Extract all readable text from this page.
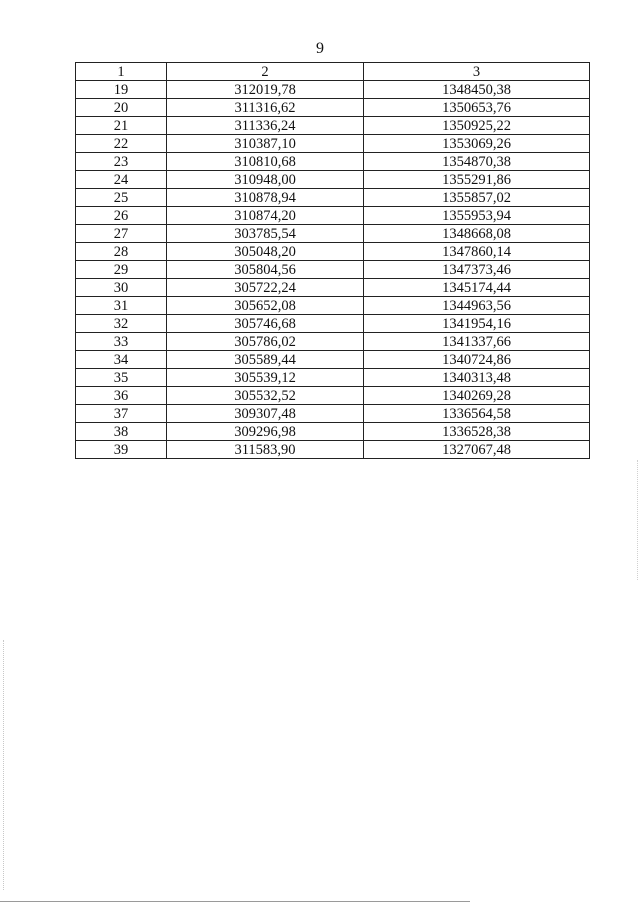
9
1	2	3
19	312019,78	1348450,38
20	311316,62	1350653,76
21	311336,24	1350925,22
22	310387,10	1353069,26
23	310810,68	1354870,38
24	310948,00	1355291,86
25	310878,94	1355857,02
26	310874,20	1355953,94
27	303785,54	1348668,08
28	305048,20	1347860,14
29	305804,56	1347373,46
30	305722,24	1345174,44
31	305652,08	1344963,56
32	305746,68	1341954,16
33	305786,02	1341337,66
34	305589,44	1340724,86
35	305539,12	1340313,48
36	305532,52	1340269,28
37	309307,48	1336564,58
38	309296,98	1336528,38
39	311583,90	1327067,48
